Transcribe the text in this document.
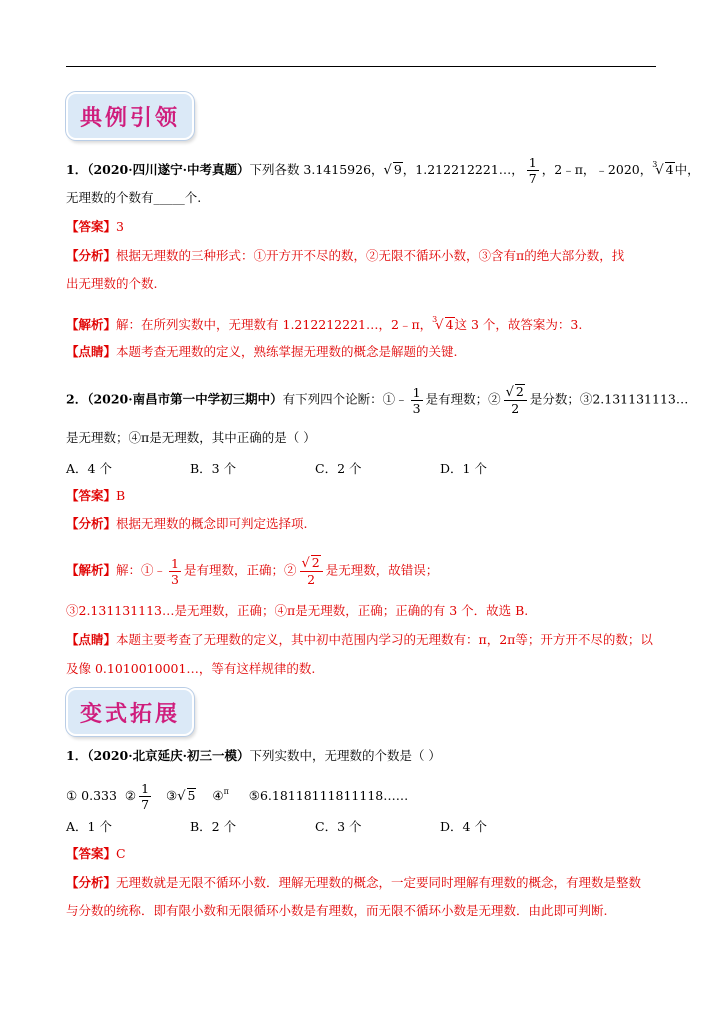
典例引领
1．（2020·四川遂宁·中考真题）下列各数 3.1415926，√ 9，1.212212221…， $\frac{1}{7}$ ，2﹣π，﹣2020，$^3$√ 4中，
无理数的个数有_____个.
【答案】3
【分析】根据无理数的三种形式：①开方开不尽的数，②无限不循环小数，③含有π的绝大部分数，找
出无理数的个数.
【解析】解：在所列实数中，无理数有 1.212212221…，2﹣π，$^3$√ 4这 3 个，故答案为：3.
【点睛】本题考查无理数的定义，熟练掌握无理数的概念是解题的关键.
2．（2020·南昌市第一中学初三期中）有下列四个论断：①﹣ $\frac{1}{3}$ 是有理数；② $\frac{√ 2}{2}$ 是分数；③2.131131113…
是无理数；④π是无理数，其中正确的是（ ）
A．4 个	B．3 个	C．2 个	D．1 个
【答案】B
【分析】根据无理数的概念即可判定选择项.
【解析】解：①﹣ $\frac{1}{3}$ 是有理数，正确；② $\frac{√ 2}{2}$ 是无理数，故错误；
③2.131131113…是无理数，正确；④π是无理数，正确；正确的有 3 个．故选 B.
【点睛】本题主要考查了无理数的定义，其中初中范围内学习的无理数有：π，2π等；开方开不尽的数；以
及像 0.1010010001…，等有这样规律的数.
变式拓展
1．（2020·北京延庆·初三一模）下列实数中，无理数的个数是（ ）
① 0.333 ② $\frac{1}{7}$ ③√ 5 ④$^\pi$ ⑤6.18118111811118……
A．1 个	B．2 个	C．3 个	D．4 个
【答案】C
【分析】无理数就是无限不循环小数．理解无理数的概念，一定要同时理解有理数的概念，有理数是整数
与分数的统称．即有限小数和无限循环小数是有理数，而无限不循环小数是无理数．由此即可判断.
